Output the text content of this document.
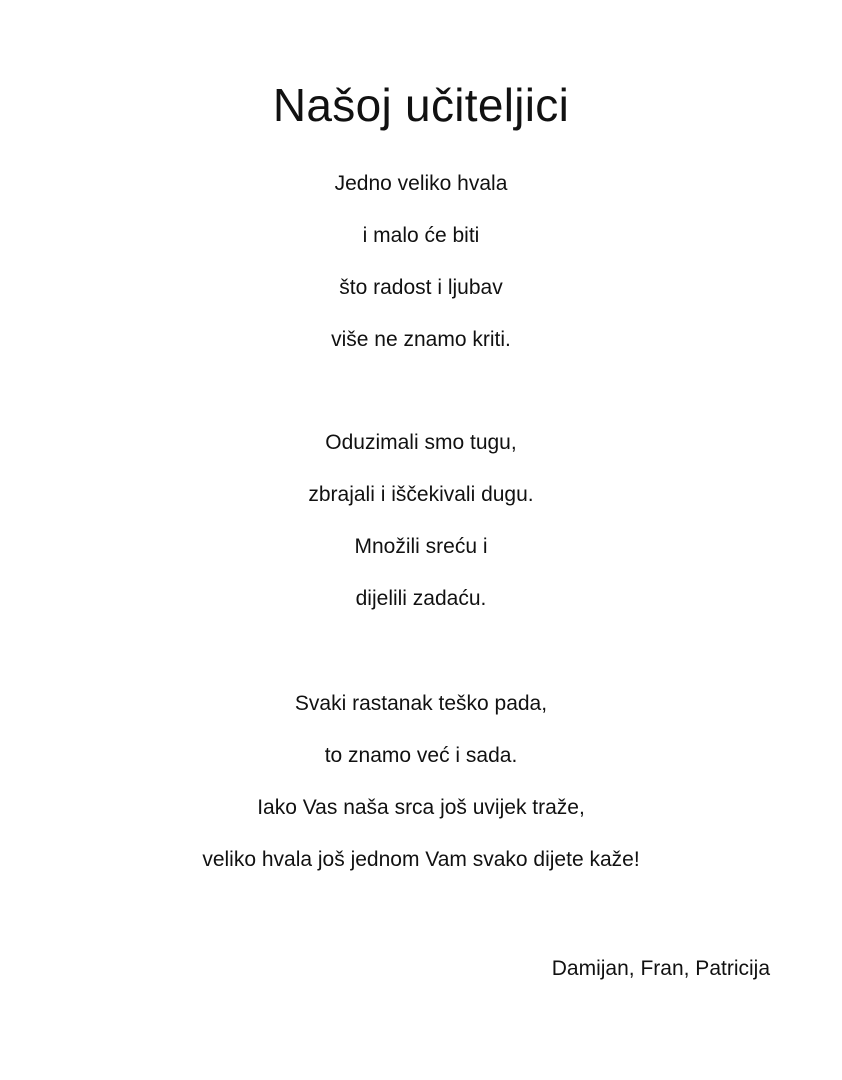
Našoj učiteljici
Jedno veliko hvala
i malo će biti
što radost i ljubav
više ne znamo kriti.
Oduzimali smo tugu,
zbrajali i iščekivali dugu.
Množili sreću i
dijelili zadaću.
Svaki rastanak teško pada,
to znamo već i sada.
Iako Vas naša srca još uvijek traže,
veliko hvala još jednom Vam svako dijete kaže!
Damijan, Fran, Patricija
